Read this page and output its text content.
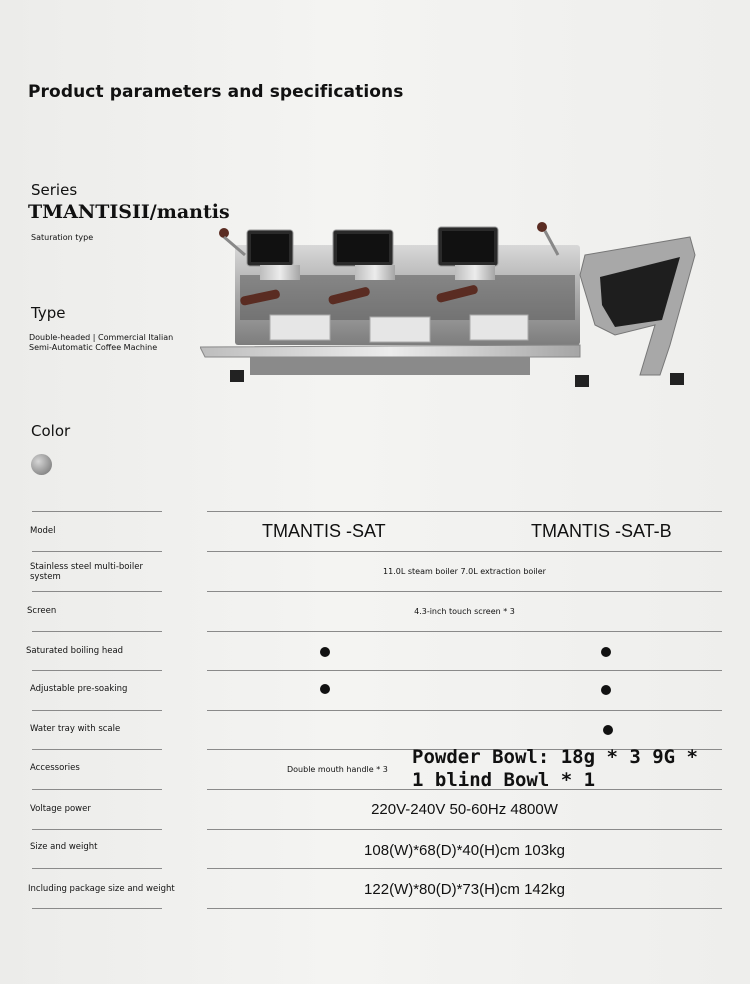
Product parameters and specifications
Series
TMANTISII/mantis
Saturation type
Type
Double-headed | Commercial Italian Semi-Automatic Coffee Machine
Color
Model
Stainless steel multi-boiler system
Screen
Saturated boiling head
Adjustable pre-soaking
Water tray with scale
Accessories
Voltage power
Size and weight
Including package size and weight
TMANTIS -SAT	TMANTIS -SAT-B
11.0L steam boiler 7.0L extraction boiler
4.3-inch touch screen * 3
Double mouth handle * 3
Powder Bowl: 18g * 3 9G * 1 blind Bowl * 1
220V-240V 50-60Hz 4800W
108(W)*68(D)*40(H)cm 103kg
122(W)*80(D)*73(H)cm 142kg
